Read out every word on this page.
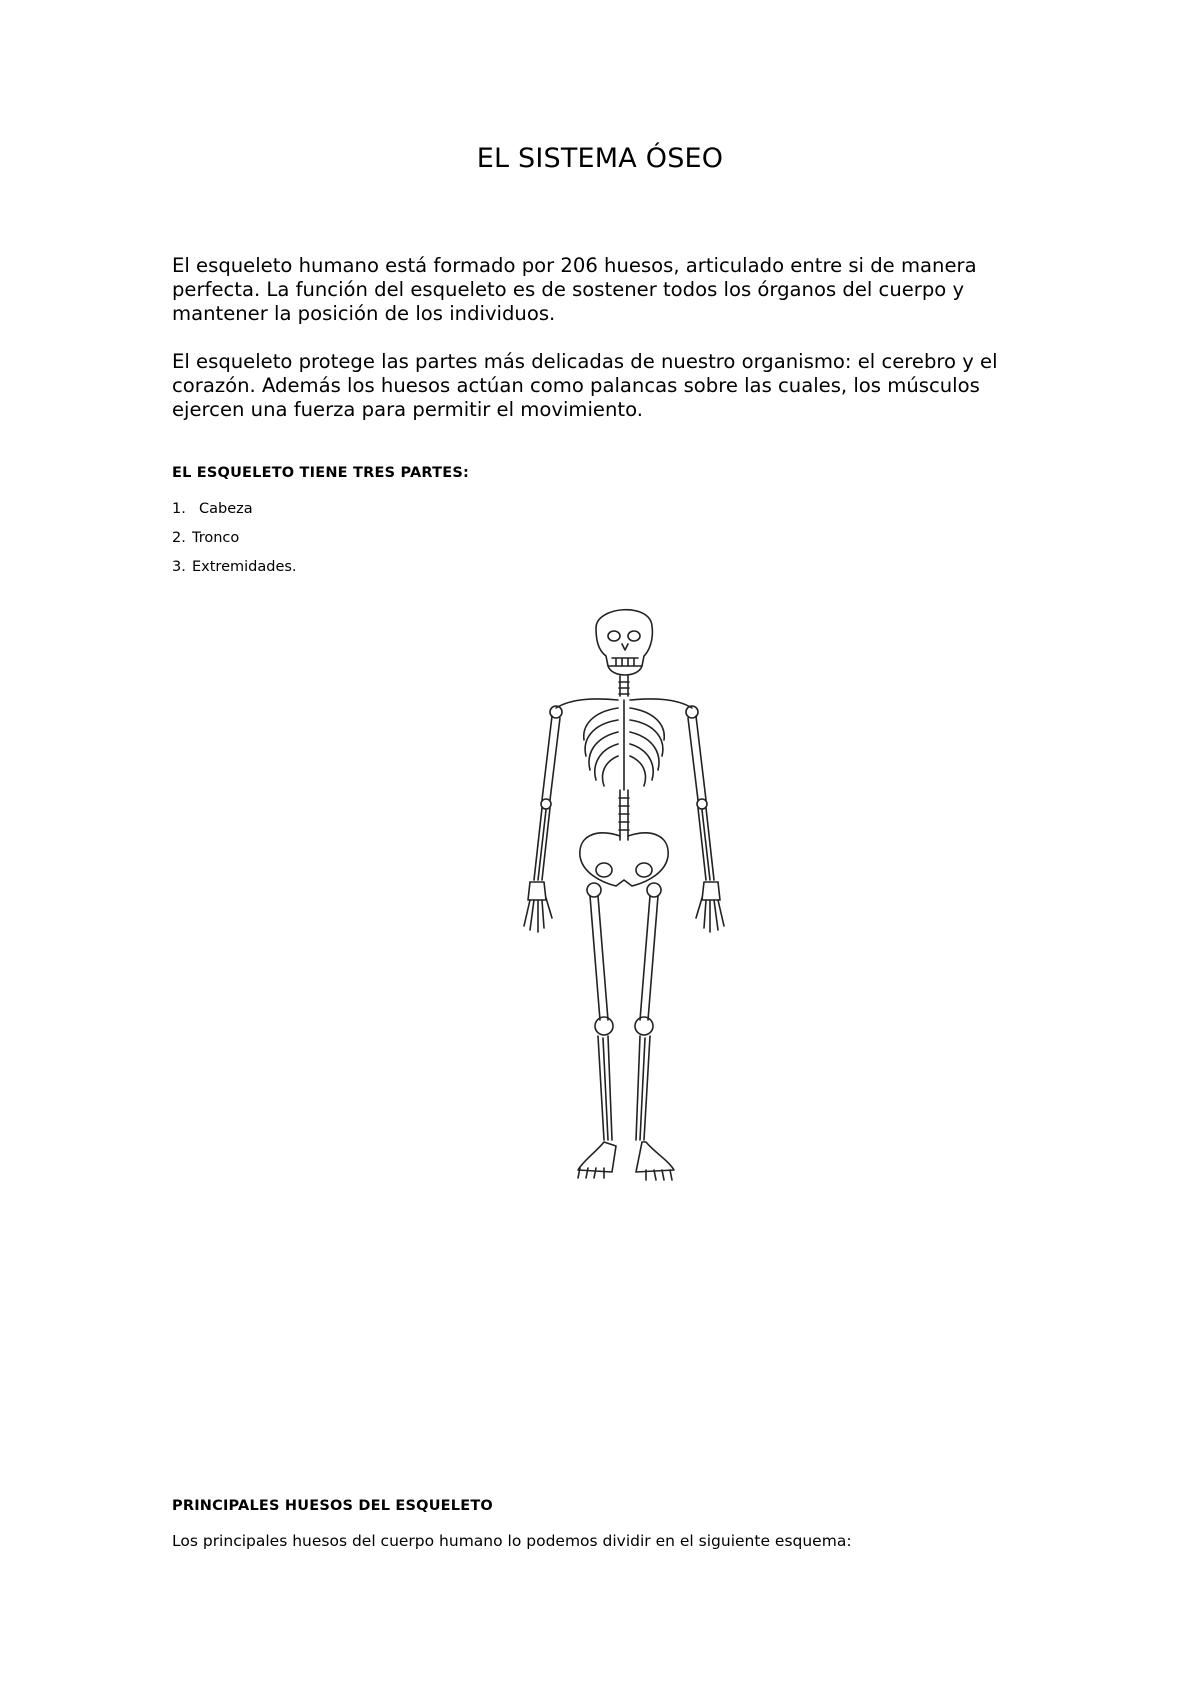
EL SISTEMA ÓSEO

El esqueleto humano está formado por 206 huesos, articulado entre si de manera perfecta. La función del esqueleto es de sostener todos los órganos del cuerpo y mantener la posición de los individuos.

El esqueleto protege las partes más delicadas de nuestro organismo: el cerebro y el corazón. Además los huesos actúan como palancas sobre las cuales, los músculos ejercen una fuerza para permitir el movimiento.

EL ESQUELETO TIENE TRES PARTES:
1. Cabeza
2. Tronco
3. Extremidades.
PRINCIPALES HUESOS DEL ESQUELETO

Los principales huesos del cuerpo humano lo podemos dividir en el siguiente esquema:
